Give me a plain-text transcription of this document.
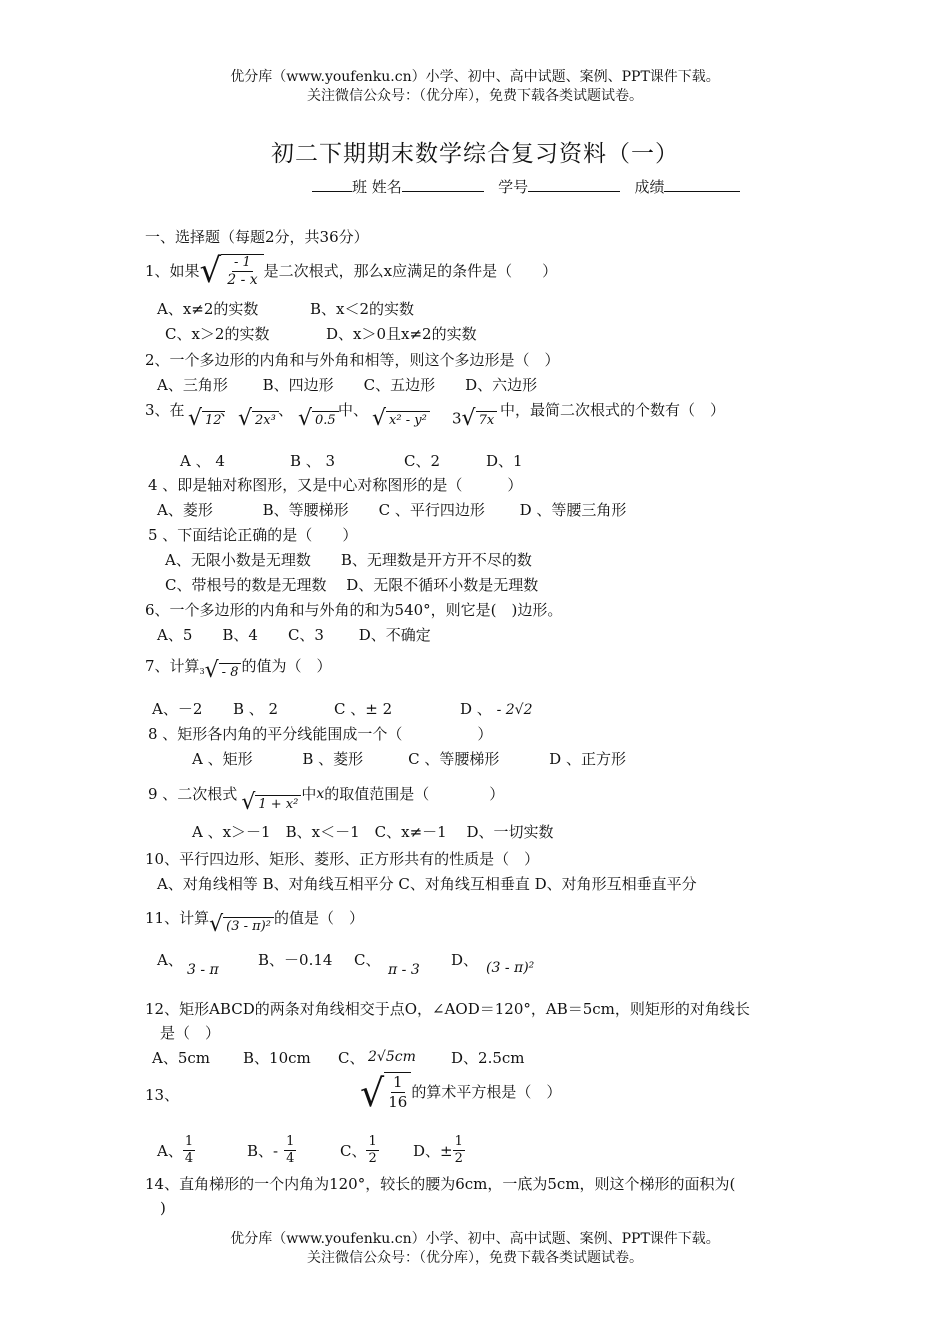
优分库（www.youfenku.cn）小学、初中、高中试题、案例、PPT课件下载。
关注微信公众号：（优分库），免费下载各类试题试卷。
初二下期期末数学综合复习资料（一）
班 姓名	学号	成绩
一、选择题（每题2分，共36分）
1、如果 √ $\frac{- 1}{2 - x}$ 是二次根式，那么x应满足的条件是（　　）
A、x≠2的实数	B、x＜2的实数
C、x＞2的实数	D、x＞0且x≠2的实数
2、一个多边形的内角和与外角和相等，则这个多边形是（　）
A、三角形　　 B、四边形　　C、五边形　　D、六边形
3、在 √ 12
、 √ 2x³
、 √ 0.5
中、 √ x² - y² 3 √ 7x
中，最简二次根式的个数有（　）
A 、 4	B 、 3	C、2	D、1
4 、即是轴对称图形，又是中心对称图形的是（　　　）
A、菱形　　　 B、等腰梯形　　C 、平行四边形　　 D 、等腰三角形
5 、下面结论正确的是（　　）
A、无限小数是无理数　　B、无理数是开方开不尽的数
C、带根号的数是无理数　 D、无限不循环小数是无理数
6、一个多边形的内角和与外角的和为540°，则它是(　)边形。
A、5　　B、4　　C、3　　 D、不确定
7、计算 3 √ - 8 的值为（　）
A、－2 B 、 2	C 、± 2	D 、 - 2√2
8 、矩形各内角的平分线能围成一个（　　　　　）
A 、矩形　　　 B 、菱形　　　C 、等腰梯形　　　 D 、正方形
9 、二次根式 √ 1 + x²
中 x 的取值范围是（　　　　）
A 、x＞－1　B、x＜－1　C、x≠－1　 D、一切实数
10、平行四边形、矩形、菱形、正方形共有的性质是（　）
A、对角线相等 B、对角线互相平分 C、对角线互相垂直 D、对角形互相垂直平分
11、计算 √ (3 - π)² 的值是（　）
A、
3 - π
B、－0.14 C、
π - 3
D、 (3 - π)²
12、矩形ABCD的两条对角线相交于点O，∠AOD＝120°，AB＝5cm，则矩形的对角线长
是（　）
A、5cm B、10cm C、 2√5cm D、2.5cm
13、	√ $\frac{1}{16}$ 的算术平方根是（　）
A、 $\frac{1}{4}$	B、- $\frac{1}{4}$	C、 $\frac{1}{2}$ D、± $\frac{1}{2}$
14、直角梯形的一个内角为120°，较长的腰为6cm，一底为5cm，则这个梯形的面积为(
)
优分库（www.youfenku.cn）小学、初中、高中试题、案例、PPT课件下载。
关注微信公众号：（优分库），免费下载各类试题试卷。
